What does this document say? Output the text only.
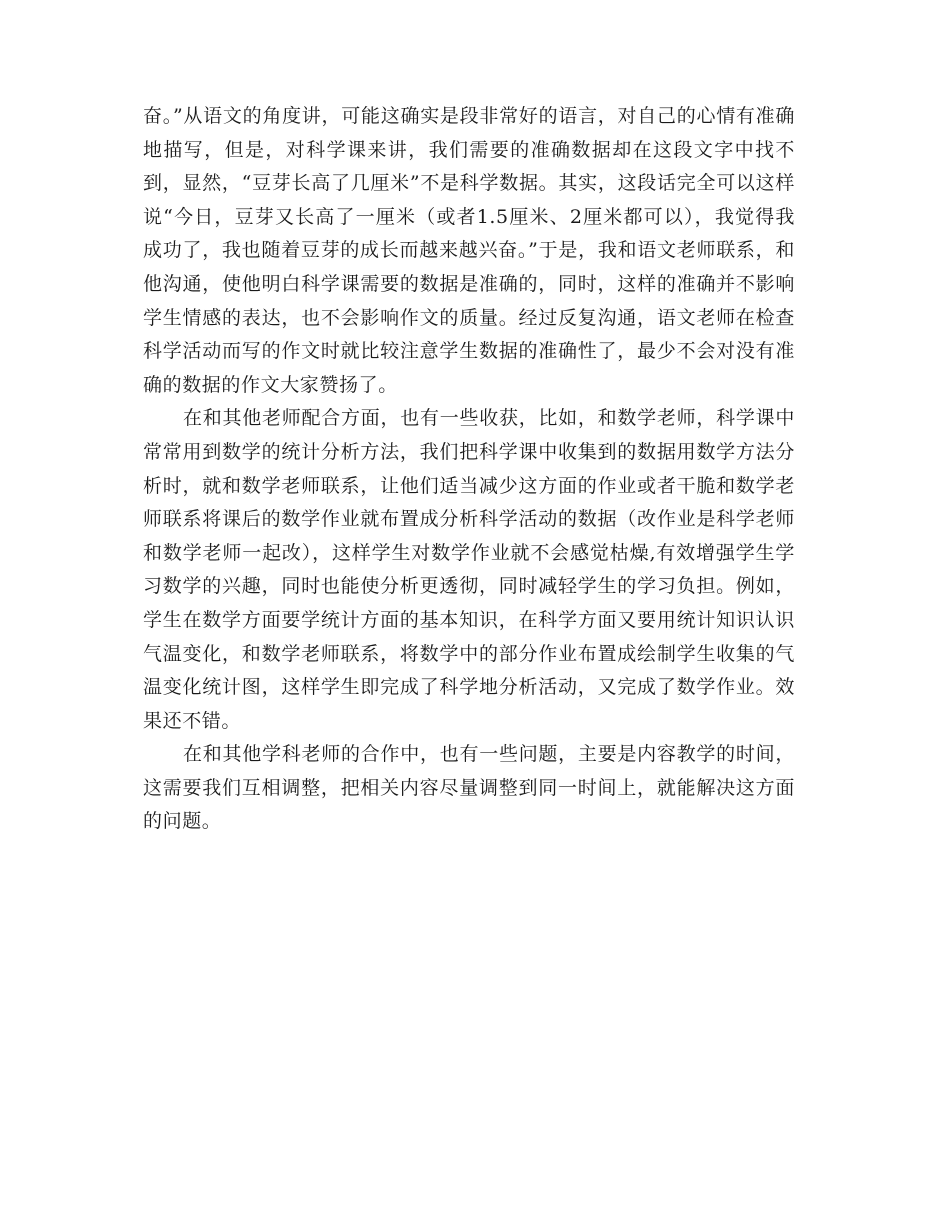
奋。”从语文的角度讲，可能这确实是段非常好的语言，对自己的心情有准确地描写，但是，对科学课来讲，我们需要的准确数据却在这段文字中找不到，显然，“豆芽长高了几厘米”不是科学数据。其实，这段话完全可以这样说“今日，豆芽又长高了一厘米（或者1.5厘米、2厘米都可以），我觉得我成功了，我也随着豆芽的成长而越来越兴奋。”于是，我和语文老师联系，和他沟通，使他明白科学课需要的数据是准确的，同时，这样的准确并不影响学生情感的表达，也不会影响作文的质量。经过反复沟通，语文老师在检查科学活动而写的作文时就比较注意学生数据的准确性了，最少不会对没有准确的数据的作文大家赞扬了。

在和其他老师配合方面，也有一些收获，比如，和数学老师，科学课中常常用到数学的统计分析方法，我们把科学课中收集到的数据用数学方法分析时，就和数学老师联系，让他们适当减少这方面的作业或者干脆和数学老师联系将课后的数学作业就布置成分析科学活动的数据（改作业是科学老师和数学老师一起改），这样学生对数学作业就不会感觉枯燥,有效增强学生学习数学的兴趣，同时也能使分析更透彻，同时减轻学生的学习负担。例如，学生在数学方面要学统计方面的基本知识，在科学方面又要用统计知识认识气温变化，和数学老师联系，将数学中的部分作业布置成绘制学生收集的气温变化统计图，这样学生即完成了科学地分析活动，又完成了数学作业。效果还不错。

在和其他学科老师的合作中，也有一些问题，主要是内容教学的时间，这需要我们互相调整，把相关内容尽量调整到同一时间上，就能解决这方面的问题。
